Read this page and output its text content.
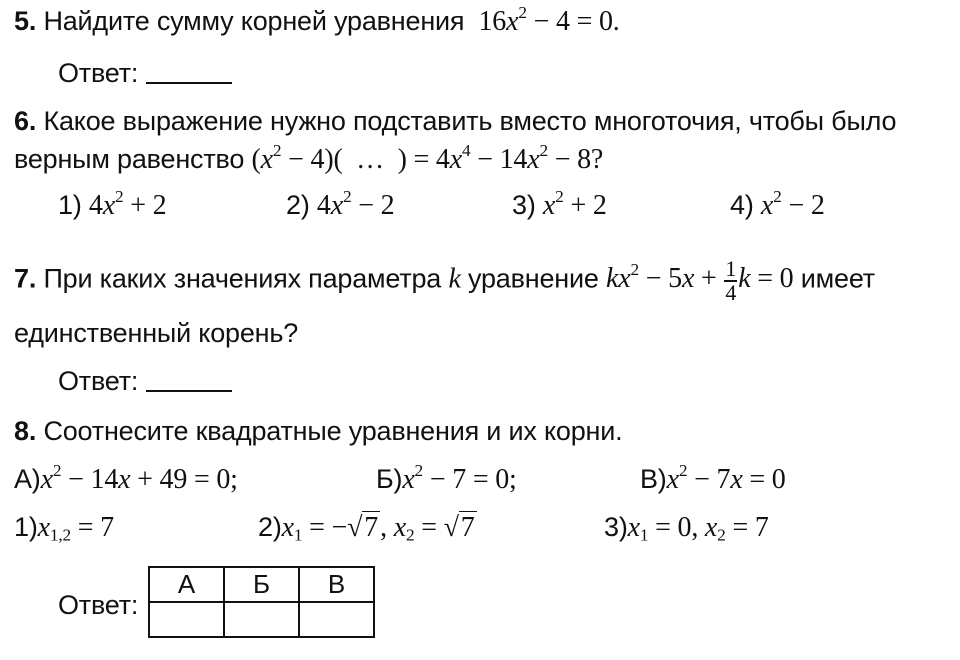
5. Найдите сумму корней уравнения  $16x^2 - 4 = 0$.
Ответ:
6. Какое выражение нужно подставить вместо многоточия, чтобы было
верным равенство $(x^2 - 4)$(  …  ) = $4x^4 - 14x^2 - 8$?
1) $4x^2 + 2$	2) $4x^2 - 2$	3) $x^2 + 2$	4) $x^2 - 2$
7. При каких значениях параметра k уравнение $kx^2 - 5x + \frac{1}{4}$ k = 0 имеет
единственный корень?
Ответ:
8. Соотнесите квадратные уравнения и их корни.
$А)x^2 - 14x + 49 = 0$;	$Б)x^2 - 7 = 0$;	$В)x^2 - 7x = 0$
$1)x_{1,2} = 7$	$2)x_1 = -√7$, $x_2 = √7$	$3)x_1 = 0$, $x_2 = 7$
Ответ:
А	Б	В
